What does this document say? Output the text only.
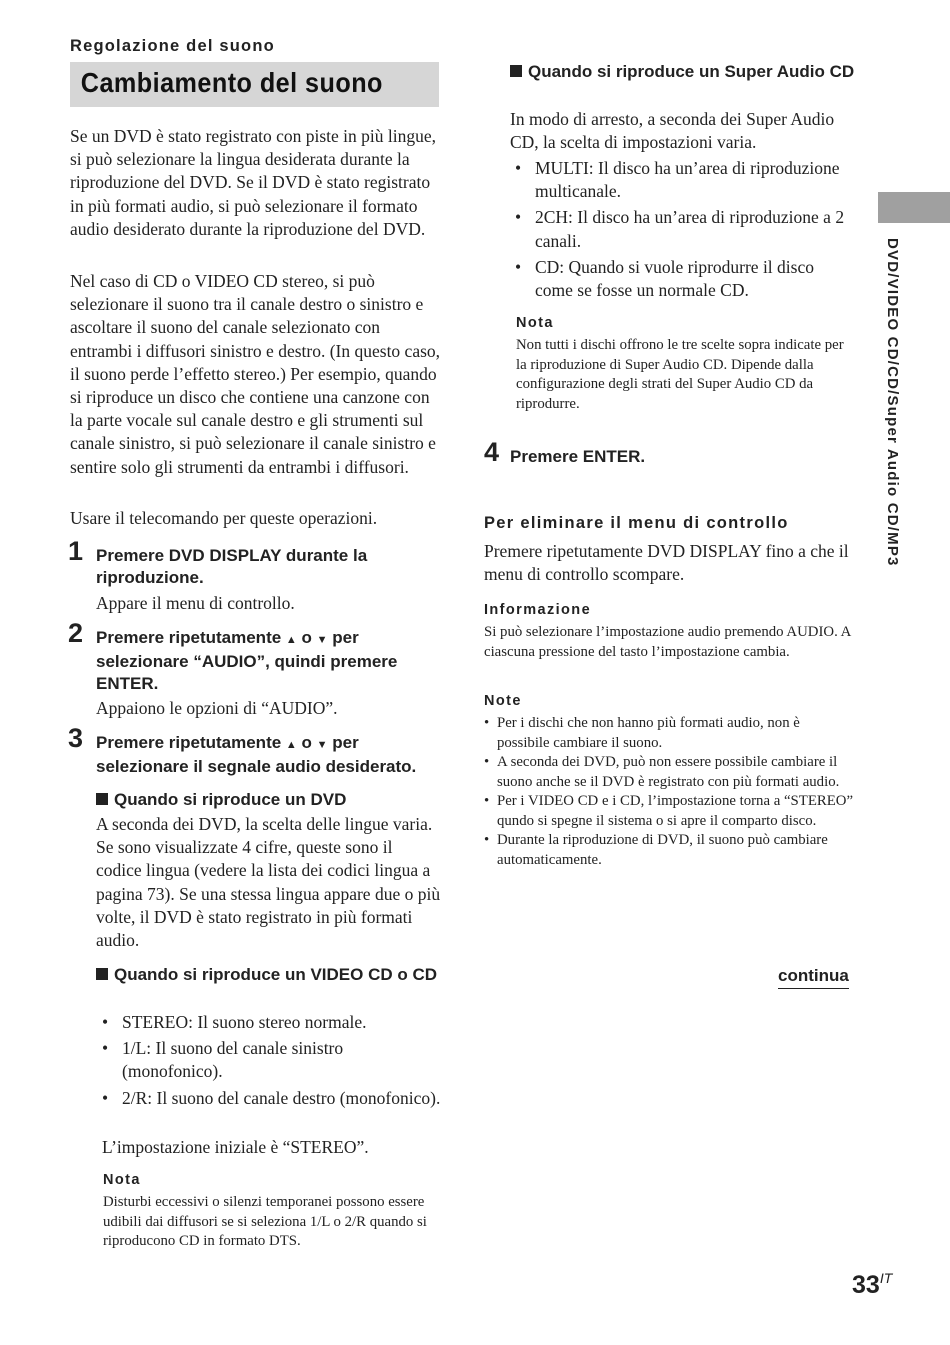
Regolazione del suono
Cambiamento del suono
Se un DVD è stato registrato con piste in più lingue, si può selezionare la lingua desiderata durante la riproduzione del DVD. Se il DVD è stato registrato in più formati audio, si può selezionare il formato audio desiderato durante la riproduzione del DVD.
Nel caso di CD o VIDEO CD stereo, si può selezionare il suono tra il canale destro o sinistro e ascoltare il suono del canale selezionato con entrambi i diffusori sinistro e destro. (In questo caso, il suono perde l’effetto stereo.) Per esempio, quando si riproduce un disco che contiene una canzone con la parte vocale sul canale destro e gli strumenti sul canale sinistro, si può selezionare il canale sinistro e sentire solo gli strumenti da entrambi i diffusori.
Usare il telecomando per queste operazioni.
1 Premere DVD DISPLAY durante la riproduzione.
Appare il menu di controllo.
2 Premere ripetutamente ▲ o ▼ per selezionare “AUDIO”, quindi premere ENTER.
Appaiono le opzioni di “AUDIO”.
3 Premere ripetutamente ▲ o ▼ per selezionare il segnale audio desiderato.
Quando si riproduce un DVD
A seconda dei DVD, la scelta delle lingue varia. Se sono visualizzate 4 cifre, queste sono il codice lingua (vedere la lista dei codici lingua a pagina 73). Se una stessa lingua appare due o più volte, il DVD è stato registrato in più formati audio.
Quando si riproduce un VIDEO CD o CD
• STEREO: Il suono stereo normale.
• 1/L: Il suono del canale sinistro (monofonico).
• 2/R: Il suono del canale destro (monofonico).
L’impostazione iniziale è “STEREO”.
Nota
Disturbi eccessivi o silenzi temporanei possono essere udibili dai diffusori se si seleziona 1/L o 2/R quando si riproducono CD in formato DTS.
Quando si riproduce un Super Audio CD
In modo di arresto, a seconda dei Super Audio CD, la scelta di impostazioni varia.
• MULTI: Il disco ha un’area di riproduzione multicanale.
• 2CH: Il disco ha un’area di riproduzione a 2 canali.
• CD: Quando si vuole riprodurre il disco come se fosse un normale CD.
Nota
Non tutti i dischi offrono le tre scelte sopra indicate per la riproduzione di Super Audio CD. Dipende dalla configurazione degli strati del Super Audio CD da riprodurre.
4 Premere ENTER.
Per eliminare il menu di controllo
Premere ripetutamente DVD DISPLAY fino a che il menu di controllo scompare.
Informazione
Si può selezionare l’impostazione audio premendo AUDIO. A ciascuna pressione del tasto l’impostazione cambia.
Note
• Per i dischi che non hanno più formati audio, non è possibile cambiare il suono.
• A seconda dei DVD, può non essere possibile cambiare il suono anche se il DVD è registrato con più formati audio.
• Per i VIDEO CD e i CD, l’impostazione torna a “STEREO” qundo si spegne il sistema o si apre il comparto disco.
• Durante la riproduzione di DVD, il suono può cambiare automaticamente.
continua
DVD/VIDEO CD/CD/Super Audio CD/MP3
$33^{IT}$
